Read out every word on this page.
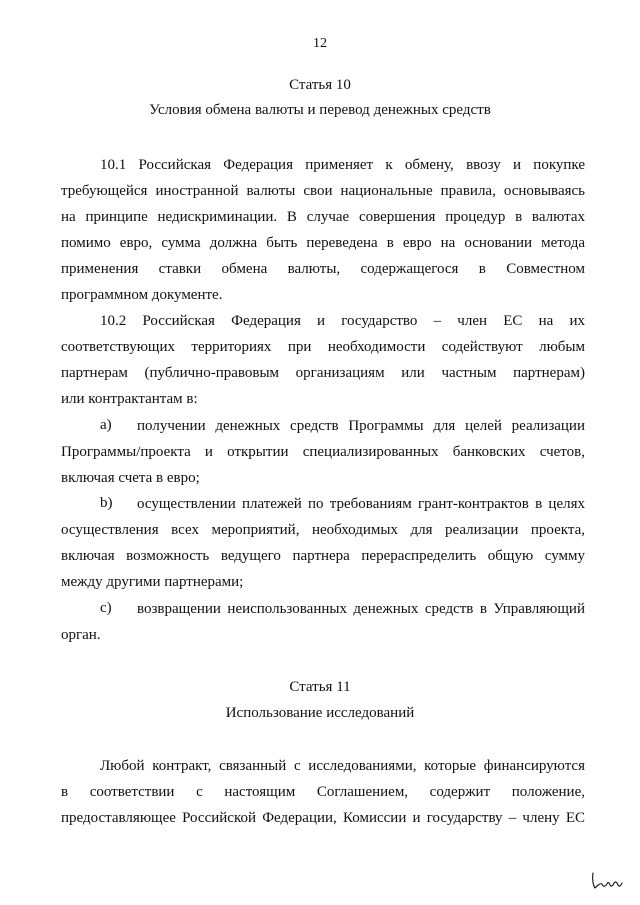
12
Статья 10
Условия обмена валюты и перевод денежных средств
10.1 Российская Федерация применяет к обмену, ввозу и покупке
требующейся иностранной валюты свои национальные правила, основываясь
на принципе недискриминации. В случае совершения процедур в валютах
помимо евро, сумма должна быть переведена в евро на основании метода
применения ставки обмена валюты, содержащегося в Совместном
программном документе.
10.2 Российская Федерация и государство – член ЕС на их
соответствующих территориях при необходимости содействуют любым
партнерам (публично-правовым организациям или частным партнерам)
или контрактантам в:
a) получении денежных средств Программы для целей реализации
Программы/проекта и открытии специализированных банковских счетов,
включая счета в евро;
b) осуществлении платежей по требованиям грант-контрактов в целях
осуществления всех мероприятий, необходимых для реализации проекта,
включая возможность ведущего партнера перераспределить общую сумму
между другими партнерами;
c) возвращении неиспользованных денежных средств в Управляющий
орган.
Статья 11
Использование исследований
Любой контракт, связанный с исследованиями, которые финансируются
в соответствии с настоящим Соглашением, содержит положение,
предоставляющее Российской Федерации, Комиссии и государству – члену ЕС
